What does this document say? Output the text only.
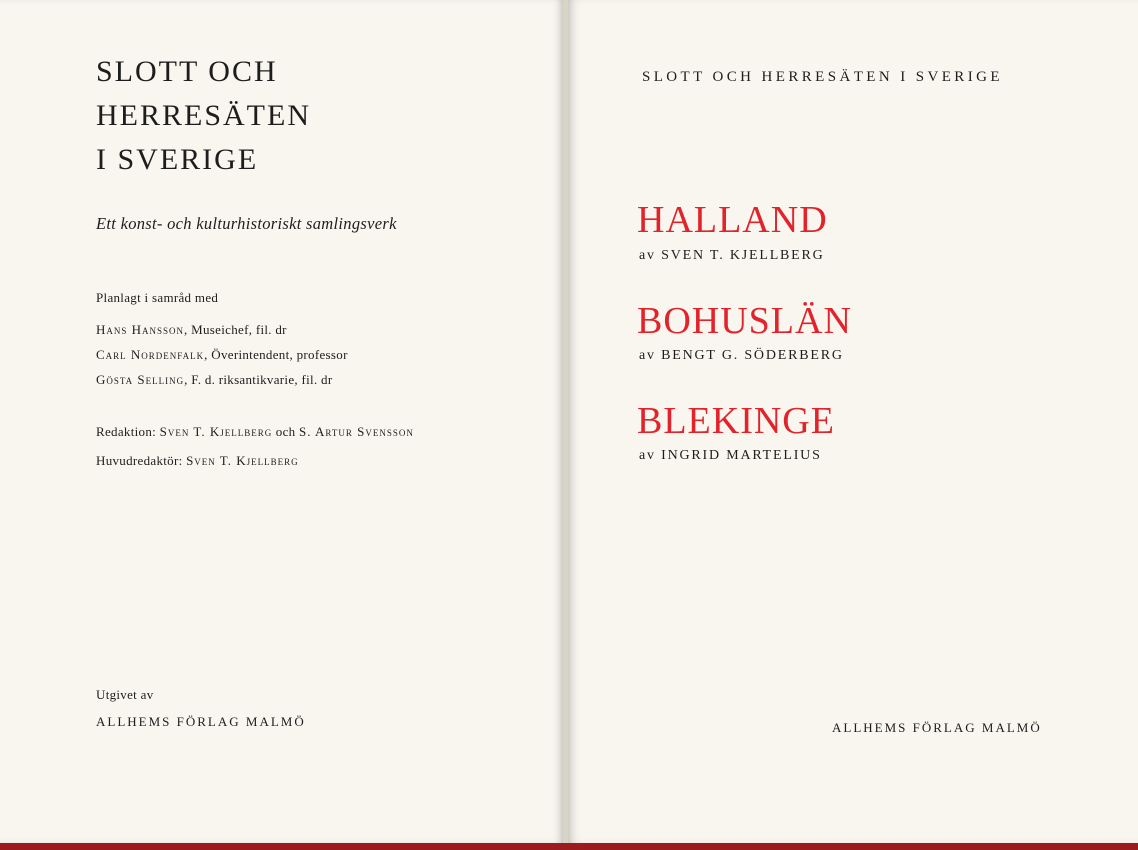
SLOTT OCH
HERRESÄTEN
I SVERIGE
Ett konst- och kulturhistoriskt samlingsverk
Planlagt i samråd med
Hans Hansson, Museichef, fil. dr
Carl Nordenfalk, Överintendent, professor
Gösta Selling, F. d. riksantikvarie, fil. dr
Redaktion: Sven T. Kjellberg och S. Artur Svensson
Huvudredaktör: Sven T. Kjellberg
Utgivet av
ALLHEMS FÖRLAG MALMÖ
SLOTT OCH HERRESÄTEN I SVERIGE
HALLAND
av SVEN T. KJELLBERG
BOHUSLÄN
av BENGT G. SÖDERBERG
BLEKINGE
av INGRID MARTELIUS
ALLHEMS FÖRLAG MALMÖ
